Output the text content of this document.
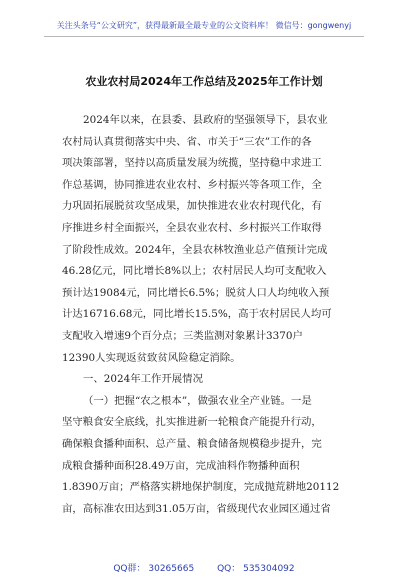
关注头条号“公文研究”，获得最新最全最专业的公文资料库！ 微信号：gongwenyj
农业农村局2024年工作总结及2025年工作计划
2024年以来，在县委、县政府的坚强领导下，县农业
农村局认真贯彻落实中央、省、市关于“三农”工作的各
项决策部署，坚持以高质量发展为统揽，坚持稳中求进工
作总基调，协同推进农业农村、乡村振兴等各项工作，全
力巩固拓展脱贫攻坚成果，加快推进农业农村现代化，有
序推进乡村全面振兴，全县农业农村、乡村振兴工作取得
了阶段性成效。2024年，全县农林牧渔业总产值预计完成
46.28亿元，同比增长8%以上；农村居民人均可支配收入
预计达19084元，同比增长6.5%；脱贫人口人均纯收入预
计达16716.68元，同比增长15.5%，高于农村居民人均可
支配收入增速9个百分点；三类监测对象累计3370户
12390人实现返贫致贫风险稳定消除。
一、2024年工作开展情况
（一）把握“农之根本”，做强农业全产业链。一是
坚守粮食安全底线，扎实推进新一轮粮食产能提升行动，
确保粮食播种面积、总产量、粮食储备规模稳步提升，完
成粮食播种面积28.49万亩，完成油料作物播种面积
1.8390万亩；严格落实耕地保护制度，完成抛荒耕地20112
亩，高标准农田达到31.05万亩，省级现代农业园区通过省
QQ群： 30265665	QQ： 535304092
